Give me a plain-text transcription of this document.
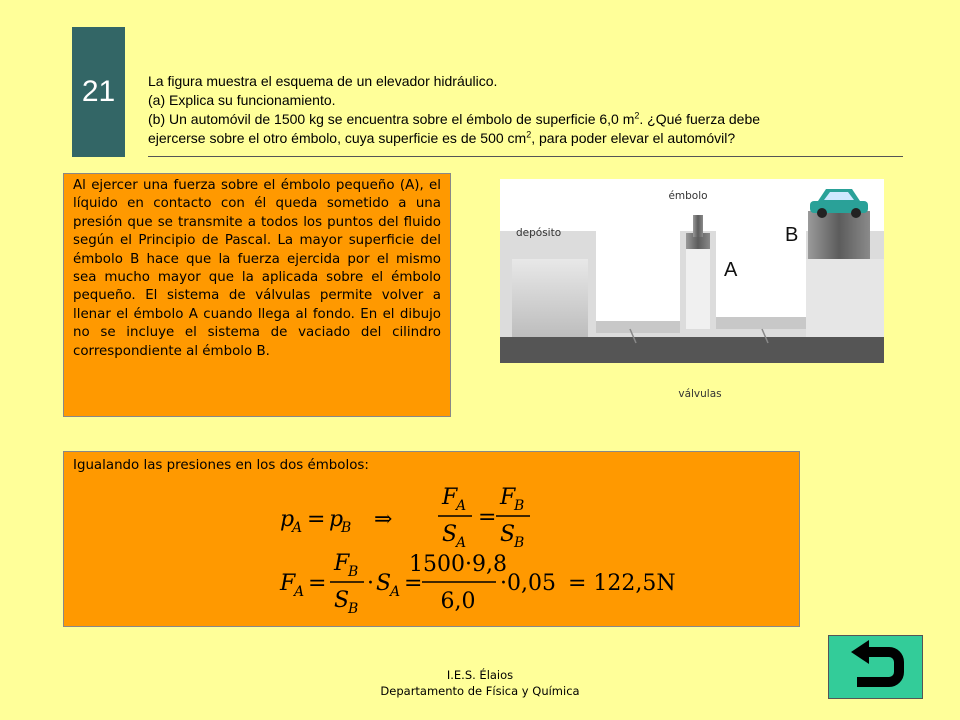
21 La figura muestra el esquema de un elevador hidráulico.
(a) Explica su funcionamiento.
(b) Un automóvil de 1500 kg se encuentra sobre el émbolo de superficie 6,0 $m^2$. ¿Qué fuerza debe
ejercerse sobre el otro émbolo, cuya superficie es de 500 $cm^2$, para poder elevar el automóvil?
Al ejercer una fuerza sobre el émbolo pequeño (A), el líquido en contacto con él queda sometido a una presión que se transmite a todos los puntos del fluido según el Principio de Pascal. La mayor superficie del émbolo B hace que la fuerza ejercida por el mismo sea mucho mayor que la aplicada sobre el émbolo pequeño. El sistema de válvulas permite volver a llenar el émbolo A cuando llega al fondo. En el dibujo no se incluye el sistema de vaciado del cilindro correspondiente al émbolo B.
émbolo
depósito	B
A
válvulas
Igualando las presiones en los dos émbolos:
p
A = p
B ⇒
F
A
S
A
=
F
B
S
B
F
A =
F
B
S
B
· S
A =
1500·9,8
6,0
·0,05 = 122,5N
I.E.S. Élaios
Departamento de Física y Química
